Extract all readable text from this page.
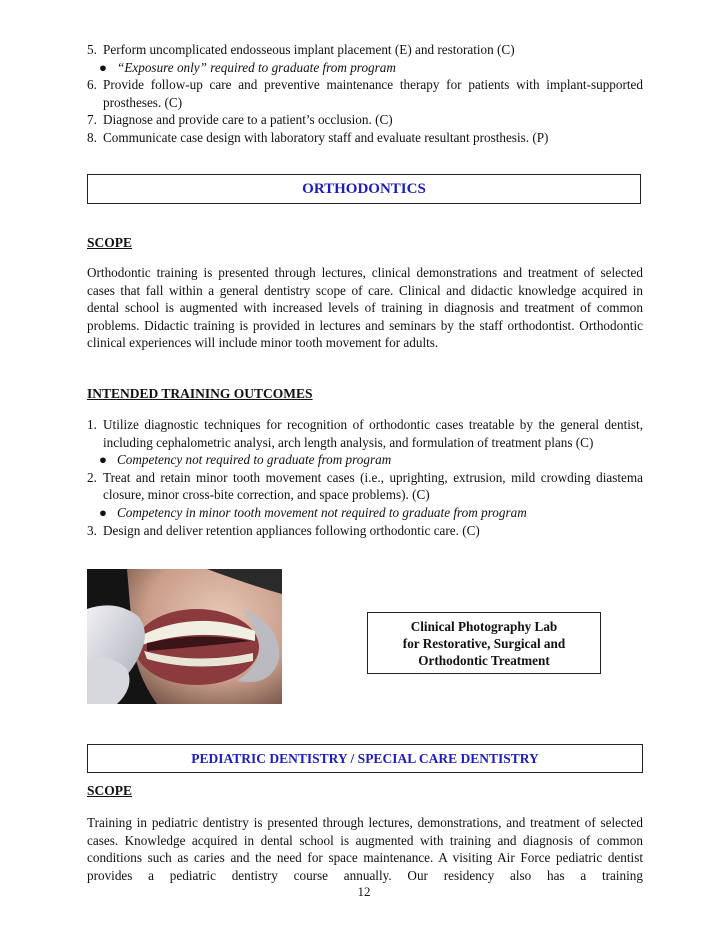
5. Perform uncomplicated endosseous implant placement (E) and restoration (C)
● “Exposure only” required to graduate from program
6. Provide follow-up care and preventive maintenance therapy for patients with implant-supported prostheses. (C)
7. Diagnose and provide care to a patient’s occlusion. (C)
8. Communicate case design with laboratory staff and evaluate resultant prosthesis. (P)
ORTHODONTICS
SCOPE

Orthodontic training is presented through lectures, clinical demonstrations and treatment of selected cases that fall within a general dentistry scope of care. Clinical and didactic knowledge acquired in dental school is augmented with increased levels of training in diagnosis and treatment of common problems. Didactic training is provided in lectures and seminars by the staff orthodontist. Orthodontic clinical experiences will include minor tooth movement for adults.

INTENDED TRAINING OUTCOMES
1. Utilize diagnostic techniques for recognition of orthodontic cases treatable by the general dentist, including cephalometric analysi, arch length analysis, and formulation of treatment plans (C)
● Competency not required to graduate from program
2. Treat and retain minor tooth movement cases (i.e., uprighting, extrusion, mild crowding diastema closure, minor cross-bite correction, and space problems). (C)
● Competency in minor tooth movement not required to graduate from program
3. Design and deliver retention appliances following orthodontic care. (C)
Clinical Photography Lab
for Restorative, Surgical and
Orthodontic Treatment
PEDIATRIC DENTISTRY / SPECIAL CARE DENTISTRY
SCOPE

Training in pediatric dentistry is presented through lectures, demonstrations, and treatment of selected cases. Knowledge acquired in dental school is augmented with training and diagnosis of common conditions such as caries and the need for space maintenance. A visiting Air Force pediatric dentist provides a pediatric dentistry course annually. Our residency also has a training

12
